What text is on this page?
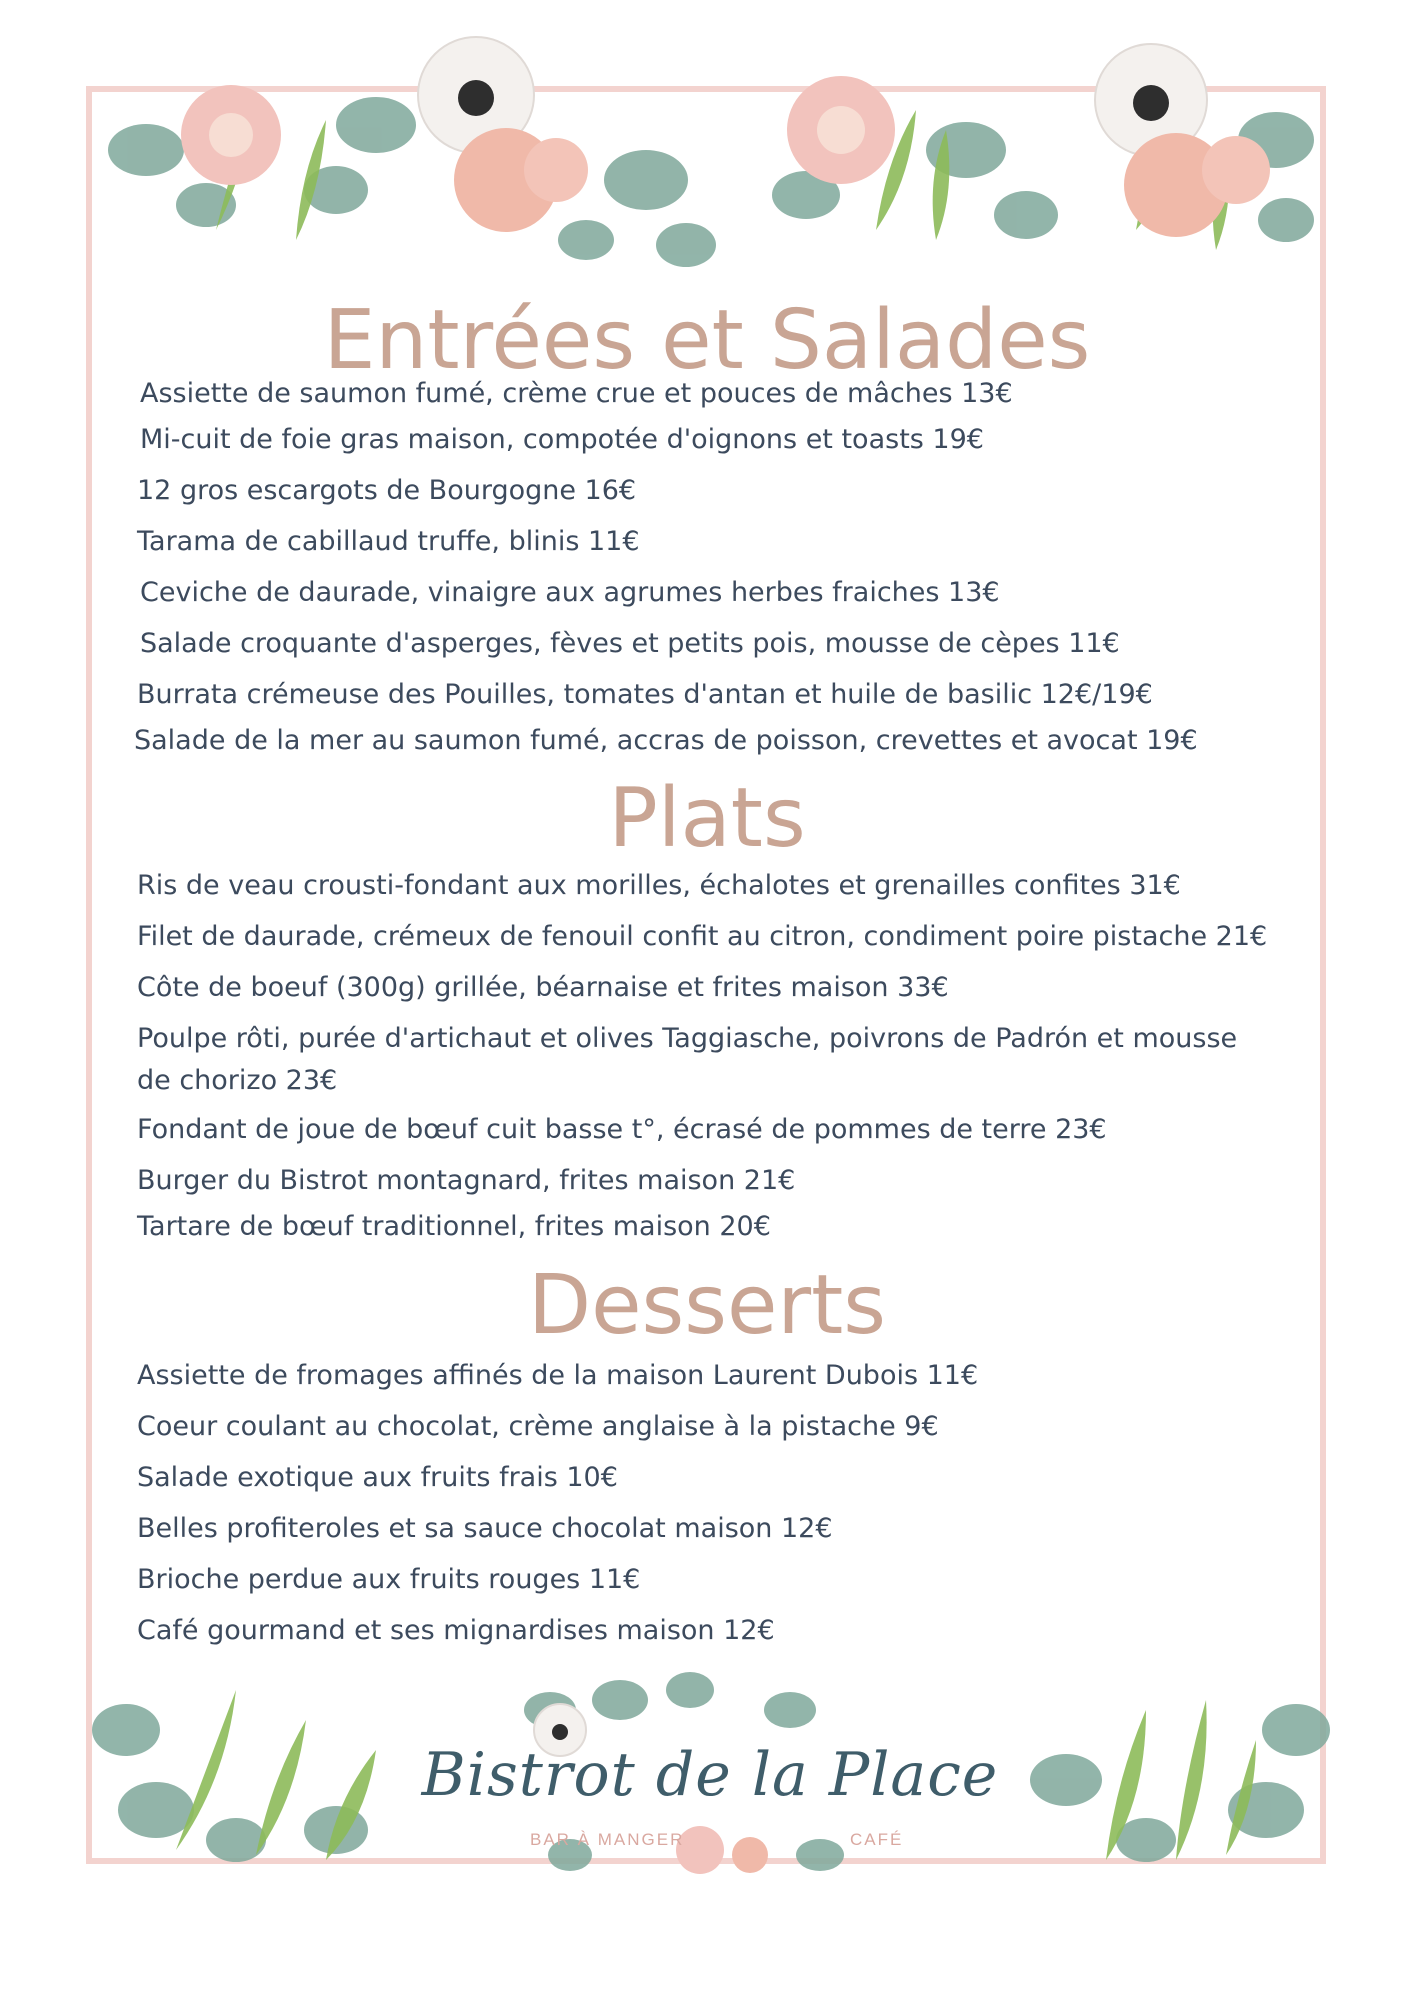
Entrées et Salades

Assiette de saumon fumé, crème crue et pouces de mâches 13€

Mi-cuit de foie gras maison, compotée d'oignons et toasts 19€

12 gros escargots de Bourgogne 16€

Tarama de cabillaud truffe, blinis 11€

Ceviche de daurade, vinaigre aux agrumes herbes fraiches 13€

Salade croquante d'asperges, fèves et petits pois, mousse de cèpes 11€

Burrata crémeuse des Pouilles, tomates d'antan et huile de basilic 12€/19€

Salade de la mer au saumon fumé, accras de poisson, crevettes et avocat 19€

Plats

Ris de veau crousti-fondant aux morilles, échalotes et grenailles confites 31€

Filet de daurade, crémeux de fenouil confit au citron, condiment poire pistache 21€

Côte de boeuf (300g) grillée, béarnaise et frites maison 33€

Poulpe rôti, purée d'artichaut et olives Taggiasche, poivrons de Padrón et mousse de chorizo 23€

Fondant de joue de bœuf cuit basse t°, écrasé de pommes de terre 23€

Burger du Bistrot montagnard, frites maison 21€

Tartare de bœuf traditionnel, frites maison 20€

Desserts

Assiette de fromages affinés de la maison Laurent Dubois 11€

Coeur coulant au chocolat, crème anglaise à la pistache 9€

Salade exotique aux fruits frais 10€

Belles profiteroles et sa sauce chocolat maison 12€

Brioche perdue aux fruits rouges 11€

Café gourmand et ses mignardises maison 12€

Bistrot de la Place
BAR À MANGER	CAFÉ
